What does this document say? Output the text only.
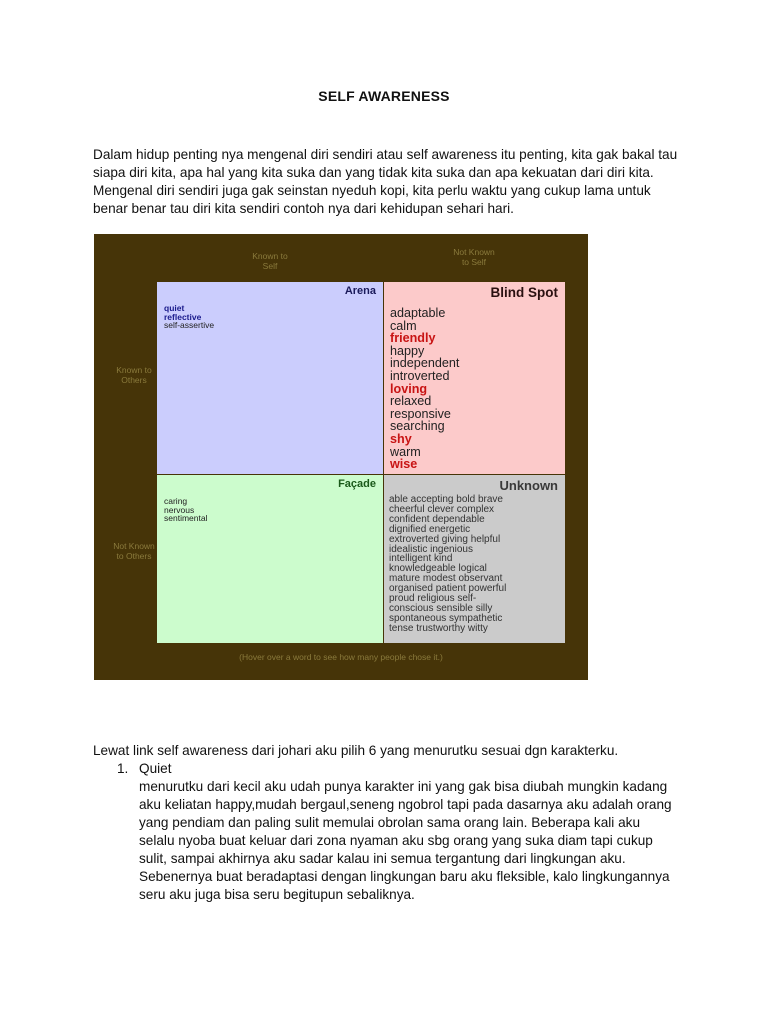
SELF AWARENESS
Dalam hidup penting nya mengenal diri sendiri atau self awareness itu penting, kita gak bakal tau siapa diri kita, apa hal yang kita suka dan yang tidak kita suka dan apa kekuatan dari diri kita. Mengenal diri sendiri juga gak seinstan nyeduh kopi, kita perlu waktu yang cukup lama untuk benar benar tau diri kita sendiri contoh nya dari kehidupan sehari hari.
Known to Self
Not Known to Self
Known to Others
Not Known to Others
Arena
quiet
reflective
self-assertive
Blind Spot
adaptable
calm
friendly
happy
independent
introverted
loving
relaxed
responsive
searching
shy
warm
wise
Façade
caring
nervous
sentimental
Unknown
able accepting bold brave
cheerful clever complex
confident dependable
dignified energetic
extroverted giving helpful
idealistic ingenious
intelligent kind
knowledgeable logical
mature modest observant
organised patient powerful
proud religious self-
conscious sensible silly
spontaneous sympathetic
tense trustworthy witty
(Hover over a word to see how many people chose it.)
Lewat link self awareness dari johari aku pilih 6 yang menurutku sesuai dgn karakterku.
1. Quiet
menurutku dari kecil aku udah punya karakter ini yang gak bisa diubah mungkin kadang aku keliatan happy,mudah bergaul,seneng ngobrol tapi pada dasarnya aku adalah orang yang pendiam dan paling sulit memulai obrolan sama orang lain. Beberapa kali aku selalu nyoba buat keluar dari zona nyaman aku sbg orang yang suka diam tapi cukup sulit, sampai akhirnya aku sadar kalau ini semua tergantung dari lingkungan aku. Sebenernya buat beradaptasi dengan lingkungan baru aku fleksible, kalo lingkungannya seru aku juga bisa seru begitupun sebaliknya.
